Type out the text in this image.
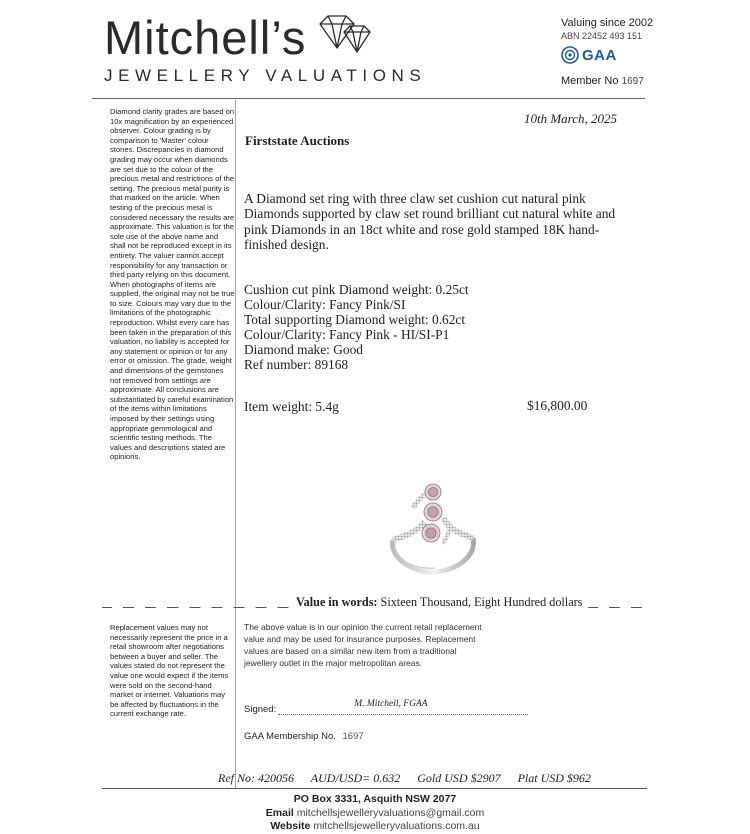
Mitchell’s
JEWELLERY VALUATIONS
Valuing since 2002
ABN 22452 493 151
GAA
Member No 1697

Diamond clarity grades are based on 10x magnification by an experienced observer. Colour grading is by comparison to 'Master' colour stones. Discrepancies in diamond grading may occur when diamonds are set due to the colour of the precious metal and restrictions of the setting. The precious metal purity is that marked on the article. When testing of the precious metal is considered necessary the results are approximate. This valuation is for the sole use of the above name and shall not be reproduced except in its entirety. The valuer cannot accept responsibility for any transaction or third party relying on this document. When photographs of items are supplied, the original may not be true to size. Colours may vary due to the limitations of the photographic reproduction. Whilst every care has been taken in the preparation of this valuation, no liability is accepted for any statement or opinion or for any error or omission. The grade, weight and dimensions of the gemstones not removed from settings are approximate. All conclusions are substantiated by careful examination of the items within limitations imposed by their settings using appropriate gemmological and scientific testing methods. The values and descriptions stated are opinions.

10th March, 2025
Firststate Auctions
A Diamond set ring with three claw set cushion cut natural pink Diamonds supported by claw set round brilliant cut natural white and pink Diamonds in an 18ct white and rose gold stamped 18K hand-finished design.
Cushion cut pink Diamond weight: 0.25ct
Colour/Clarity: Fancy Pink/SI
Total supporting Diamond weight: 0.62ct
Colour/Clarity: Fancy Pink - HI/SI-P1
Diamond make: Good
Ref number: 89168
Item weight: 5.4g	$16,800.00
Value in words: Sixteen Thousand, Eight Hundred dollars

Replacement values may not necessarily represent the price in a retail showroom after negotiations between a buyer and seller. The values stated do not represent the value one would expect if the items were sold on the second-hand market or internet. Valuations may be affected by fluctuations in the current exchange rate.

The above value is in our opinion the current retail replacement value and may be used for insurance purposes. Replacement values are based on a similar new item from a traditional jewellery outlet in the major metropolitan areas.
Signed:	M. Mitchell, FGAA
GAA Membership No. 1697
Ref No: 420056 AUD/USD= 0.632 Gold USD $2907 Plat USD $962
PO Box 3331, Asquith NSW 2077
Email mitchellsjewelleryvaluations@gmail.com
Website mitchellsjewelleryvaluations.com.au
